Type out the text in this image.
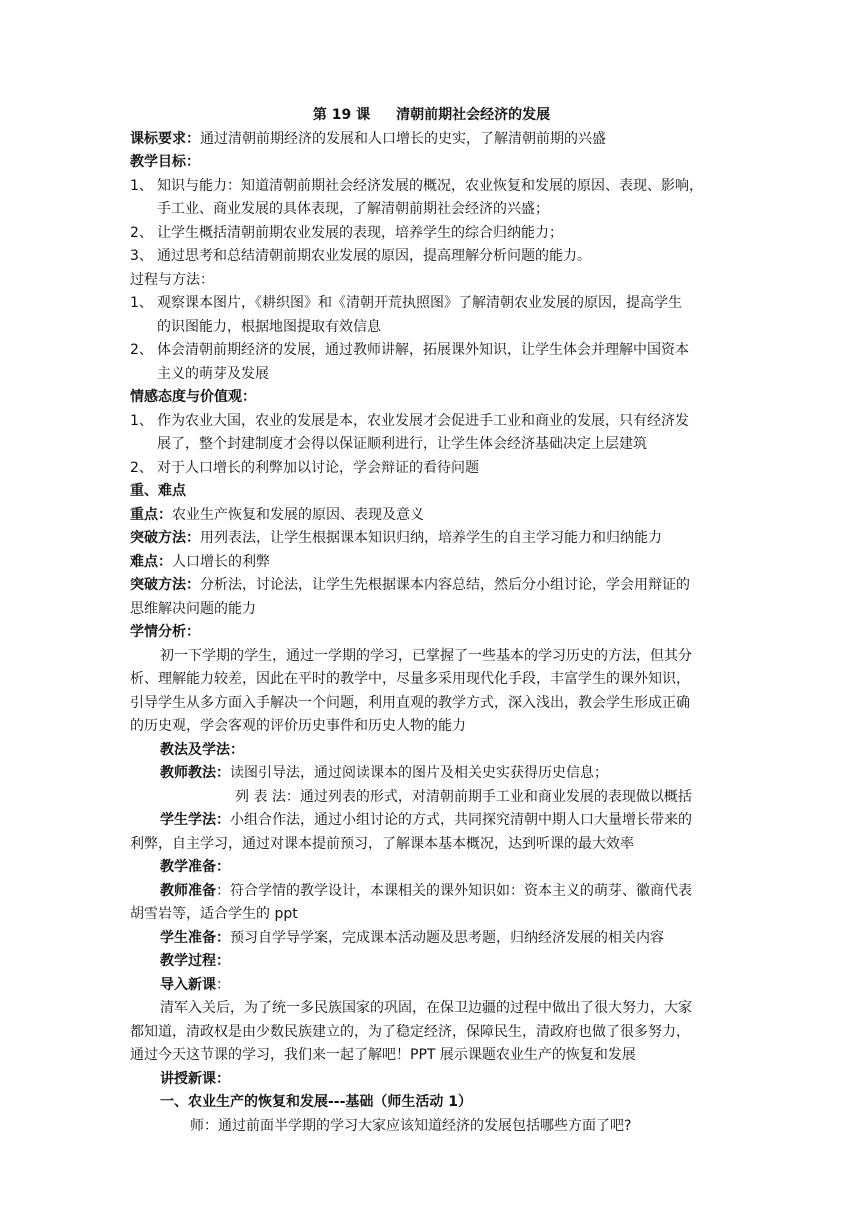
第 19 课 清朝前期社会经济的发展
课标要求：通过清朝前期经济的发展和人口增长的史实，了解清朝前期的兴盛
教学目标：
1、 知识与能力：知道清朝前期社会经济发展的概况，农业恢复和发展的原因、表现、影响，
手工业、商业发展的具体表现，了解清朝前期社会经济的兴盛；
2、 让学生概括清朝前期农业发展的表现，培养学生的综合归纳能力；
3、 通过思考和总结清朝前期农业发展的原因，提高理解分析问题的能力。
过程与方法：
1、 观察课本图片，《耕织图》和《清朝开荒执照图》了解清朝农业发展的原因，提高学生
的识图能力，根据地图提取有效信息
2、 体会清朝前期经济的发展，通过教师讲解，拓展课外知识，让学生体会并理解中国资本
主义的萌芽及发展
情感态度与价值观：
1、 作为农业大国，农业的发展是本，农业发展才会促进手工业和商业的发展，只有经济发
展了，整个封建制度才会得以保证顺利进行，让学生体会经济基础决定上层建筑
2、 对于人口增长的利弊加以讨论，学会辩证的看待问题
重、难点
重点：农业生产恢复和发展的原因、表现及意义
突破方法：用列表法，让学生根据课本知识归纳，培养学生的自主学习能力和归纳能力
难点：人口增长的利弊
突破方法：分析法，讨论法，让学生先根据课本内容总结，然后分小组讨论，学会用辩证的
思维解决问题的能力
学情分析：
初一下学期的学生，通过一学期的学习，已掌握了一些基本的学习历史的方法，但其分
析、理解能力较差，因此在平时的教学中，尽量多采用现代化手段，丰富学生的课外知识，
引导学生从多方面入手解决一个问题，利用直观的教学方式，深入浅出，教会学生形成正确
的历史观，学会客观的评价历史事件和历史人物的能力
教法及学法：
教师教法：读图引导法，通过阅读课本的图片及相关史实获得历史信息；
列 表 法：通过列表的形式，对清朝前期手工业和商业发展的表现做以概括
学生学法：小组合作法，通过小组讨论的方式，共同探究清朝中期人口大量增长带来的
利弊，自主学习，通过对课本提前预习，了解课本基本概况，达到听课的最大效率
教学准备：
教师准备：符合学情的教学设计，本课相关的课外知识如：资本主义的萌芽、徽商代表
胡雪岩等，适合学生的 ppt
学生准备：预习自学导学案，完成课本活动题及思考题，归纳经济发展的相关内容
教学过程：
导入新课：
清军入关后，为了统一多民族国家的巩固，在保卫边疆的过程中做出了很大努力，大家
都知道，清政权是由少数民族建立的，为了稳定经济，保障民生，清政府也做了很多努力，
通过今天这节课的学习，我们来一起了解吧！PPT 展示课题农业生产的恢复和发展
讲授新课：
一、农业生产的恢复和发展---基础（师生活动 1）
师：通过前面半学期的学习大家应该知道经济的发展包括哪些方面了吧?
